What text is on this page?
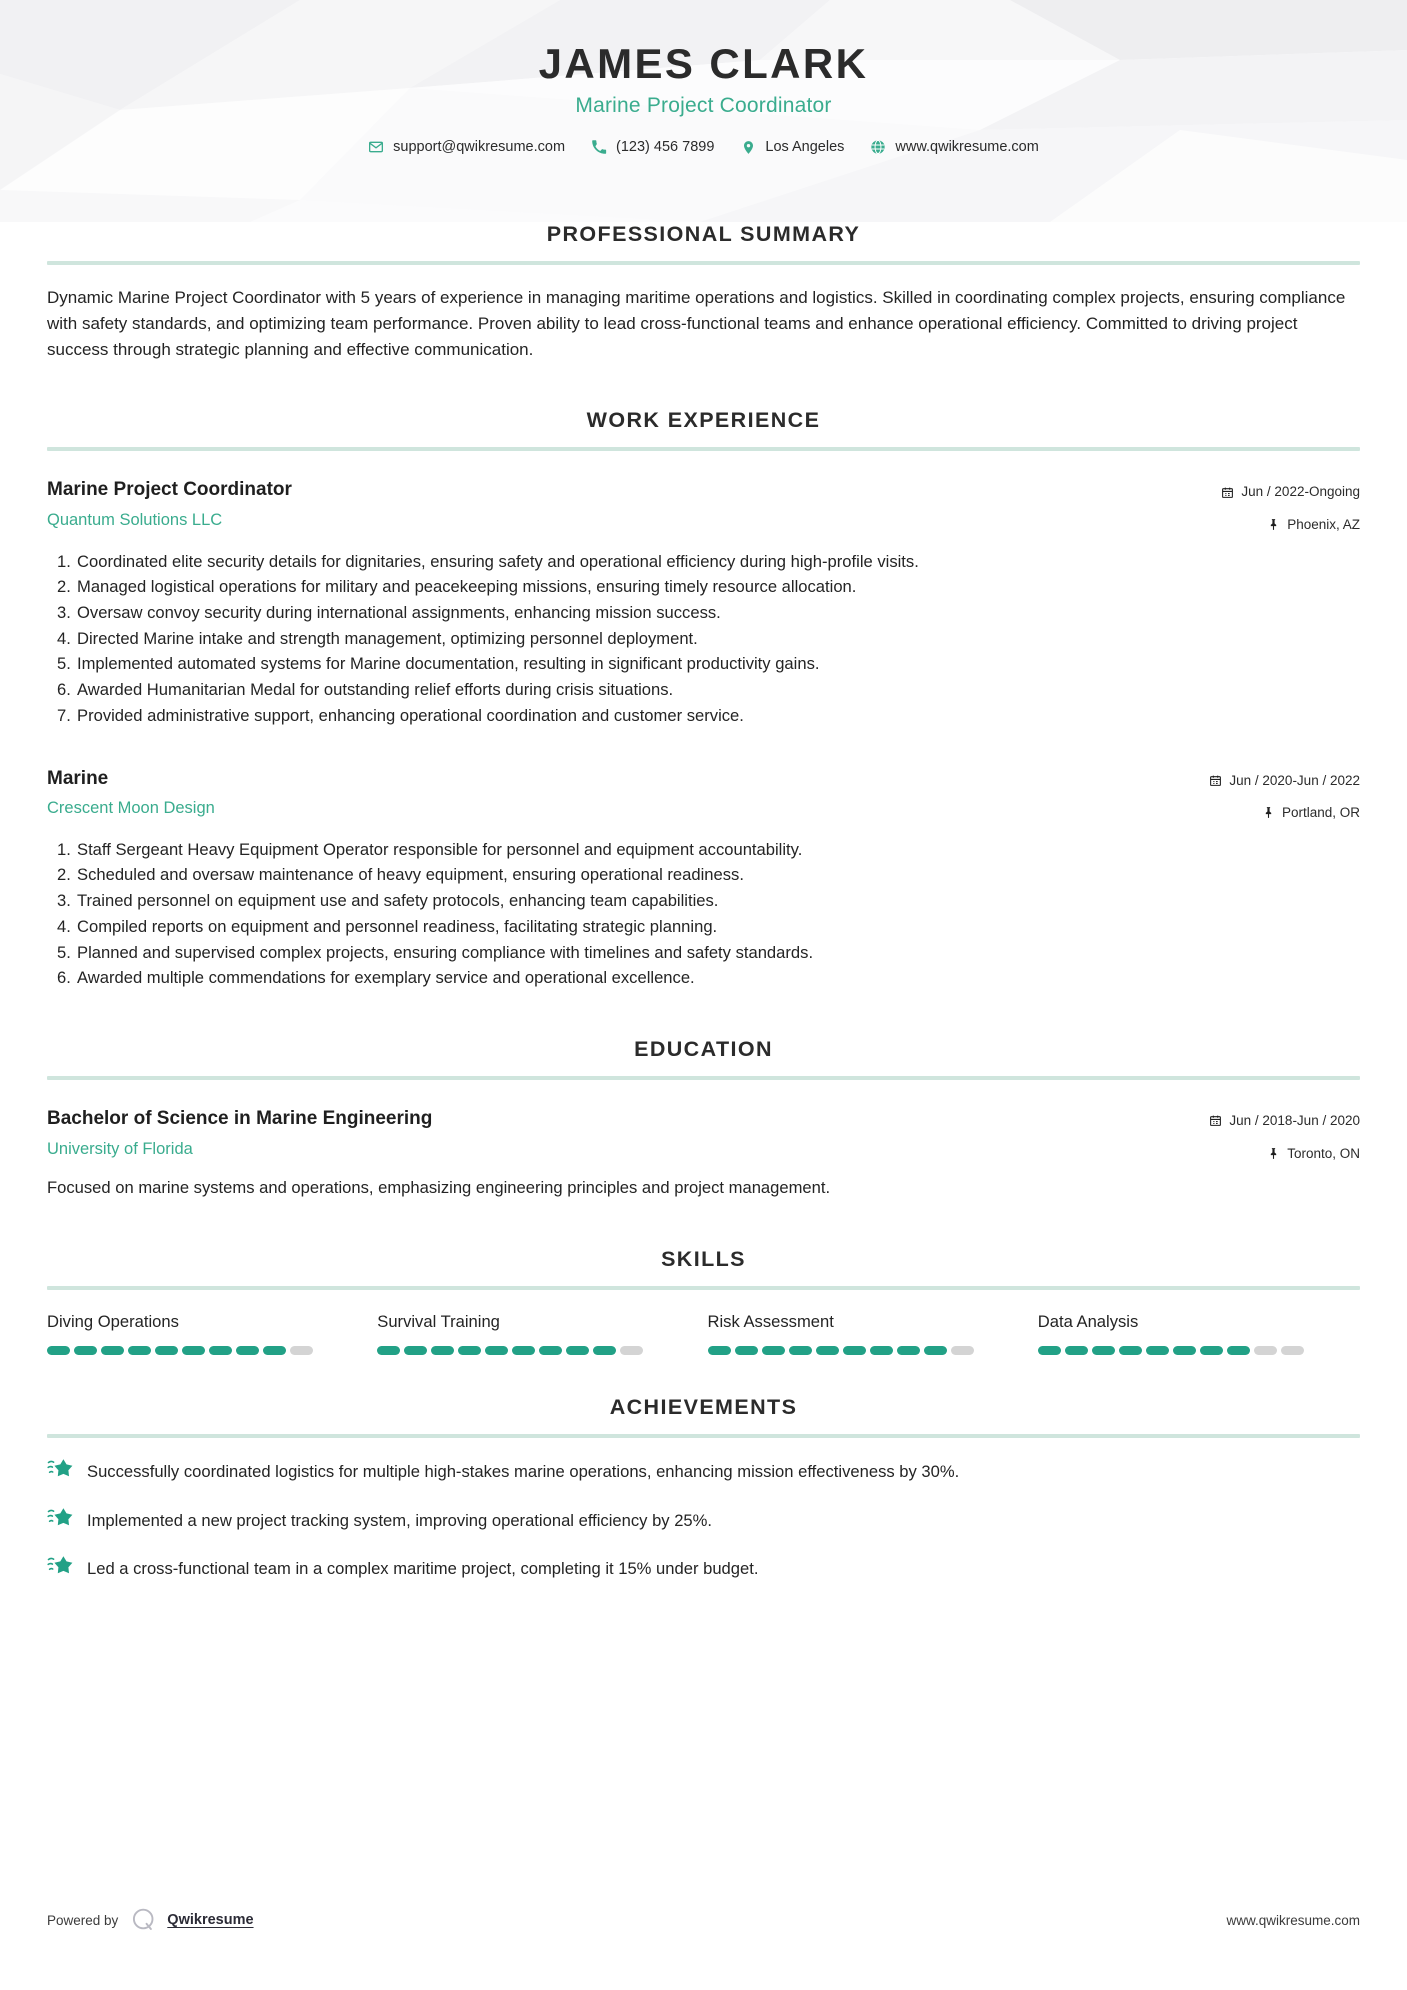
JAMES CLARK
Marine Project Coordinator
support@qwikresume.com	(123) 456 7899	Los Angeles	www.qwikresume.com
PROFESSIONAL SUMMARY

Dynamic Marine Project Coordinator with 5 years of experience in managing maritime operations and logistics. Skilled in coordinating complex projects, ensuring compliance with safety standards, and optimizing team performance. Proven ability to lead cross-functional teams and enhance operational efficiency. Committed to driving project success through strategic planning and effective communication.

WORK EXPERIENCE
Marine Project Coordinator
Quantum Solutions LLC
Jun / 2022-Ongoing
Phoenix, AZ
Coordinated elite security details for dignitaries, ensuring safety and operational efficiency during high-profile visits.
Managed logistical operations for military and peacekeeping missions, ensuring timely resource allocation.
Oversaw convoy security during international assignments, enhancing mission success.
Directed Marine intake and strength management, optimizing personnel deployment.
Implemented automated systems for Marine documentation, resulting in significant productivity gains.
Awarded Humanitarian Medal for outstanding relief efforts during crisis situations.
Provided administrative support, enhancing operational coordination and customer service.
Marine
Crescent Moon Design
Jun / 2020-Jun / 2022
Portland, OR
Staff Sergeant Heavy Equipment Operator responsible for personnel and equipment accountability.
Scheduled and oversaw maintenance of heavy equipment, ensuring operational readiness.
Trained personnel on equipment use and safety protocols, enhancing team capabilities.
Compiled reports on equipment and personnel readiness, facilitating strategic planning.
Planned and supervised complex projects, ensuring compliance with timelines and safety standards.
Awarded multiple commendations for exemplary service and operational excellence.
EDUCATION
Bachelor of Science in Marine Engineering
University of Florida
Jun / 2018-Jun / 2020
Toronto, ON
Focused on marine systems and operations, emphasizing engineering principles and project management.
SKILLS
Diving Operations	Survival Training	Risk Assessment	Data Analysis
ACHIEVEMENTS
Successfully coordinated logistics for multiple high-stakes marine operations, enhancing mission effectiveness by 30%.
Implemented a new project tracking system, improving operational efficiency by 25%.
Led a cross-functional team in a complex maritime project, completing it 15% under budget.
Powered by	Qwikresume	www.qwikresume.com
